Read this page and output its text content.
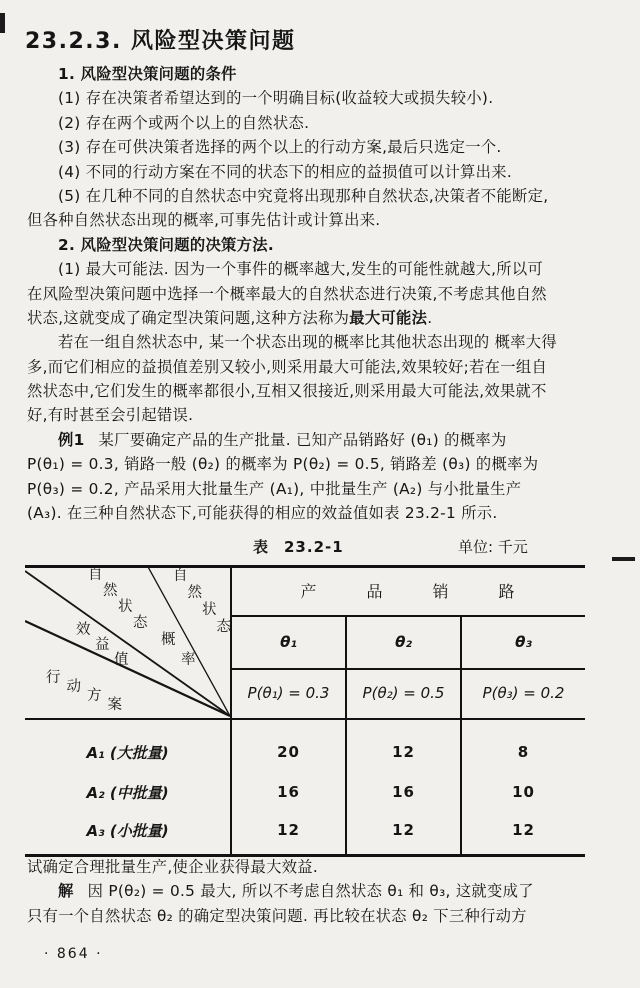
23.2.3. 风险型决策问题
1. 风险型决策问题的条件
(1) 存在决策者希望达到的一个明确目标(收益较大或损失较小).
(2) 存在两个或两个以上的自然状态.
(3) 存在可供决策者选择的两个以上的行动方案,最后只选定一个.
(4) 不同的行动方案在不同的状态下的相应的益损值可以计算出来.
(5) 在几种不同的自然状态中究竟将出现那种自然状态,决策者不能断定,
但各种自然状态出现的概率,可事先估计或计算出来.
2. 风险型决策问题的决策方法.
(1) 最大可能法. 因为一个事件的概率越大,发生的可能性就越大,所以可
在风险型决策问题中选择一个概率最大的自然状态进行决策,不考虑其他自然
状态,这就变成了确定型决策问题,这种方法称为最大可能法.
若在一组自然状态中, 某一个状态出现的概率比其他状态出现的 概率大得
多,而它们相应的益损值差别又较小,则采用最大可能法,效果较好;若在一组自
然状态中,它们发生的概率都很小,互相又很接近,则采用最大可能法,效果就不
好,有时甚至会引起错误.
例1 某厂要确定产品的生产批量. 已知产品销路好 (θ₁) 的概率为
P(θ₁) = 0.3, 销路一般 (θ₂) 的概率为 P(θ₂) = 0.5, 销路差 (θ₃) 的概率为
P(θ₃) = 0.2, 产品采用大批量生产 (A₁), 中批量生产 (A₂) 与小批量生产
(A₃). 在三种自然状态下,可能获得的相应的效益值如表 23.2-1 所示.
表 23.2-1	单位: 千元
自
然
状
态
自
然
状
态
概
率
效
益
值
行
动
方
案
产品销路
θ₁	θ₂	θ₃
P(θ₁) = 0.3	P(θ₂) = 0.5	P(θ₃) = 0.2
A₁ (大批量)	20	12	8
A₂ (中批量)	16	16	10
A₃ (小批量)	12	12	12
试确定合理批量生产,使企业获得最大效益.
解 因 P(θ₂) = 0.5 最大, 所以不考虑自然状态 θ₁ 和 θ₃, 这就变成了
只有一个自然状态 θ₂ 的确定型决策问题. 再比较在状态 θ₂ 下三种行动方
· 864 ·
